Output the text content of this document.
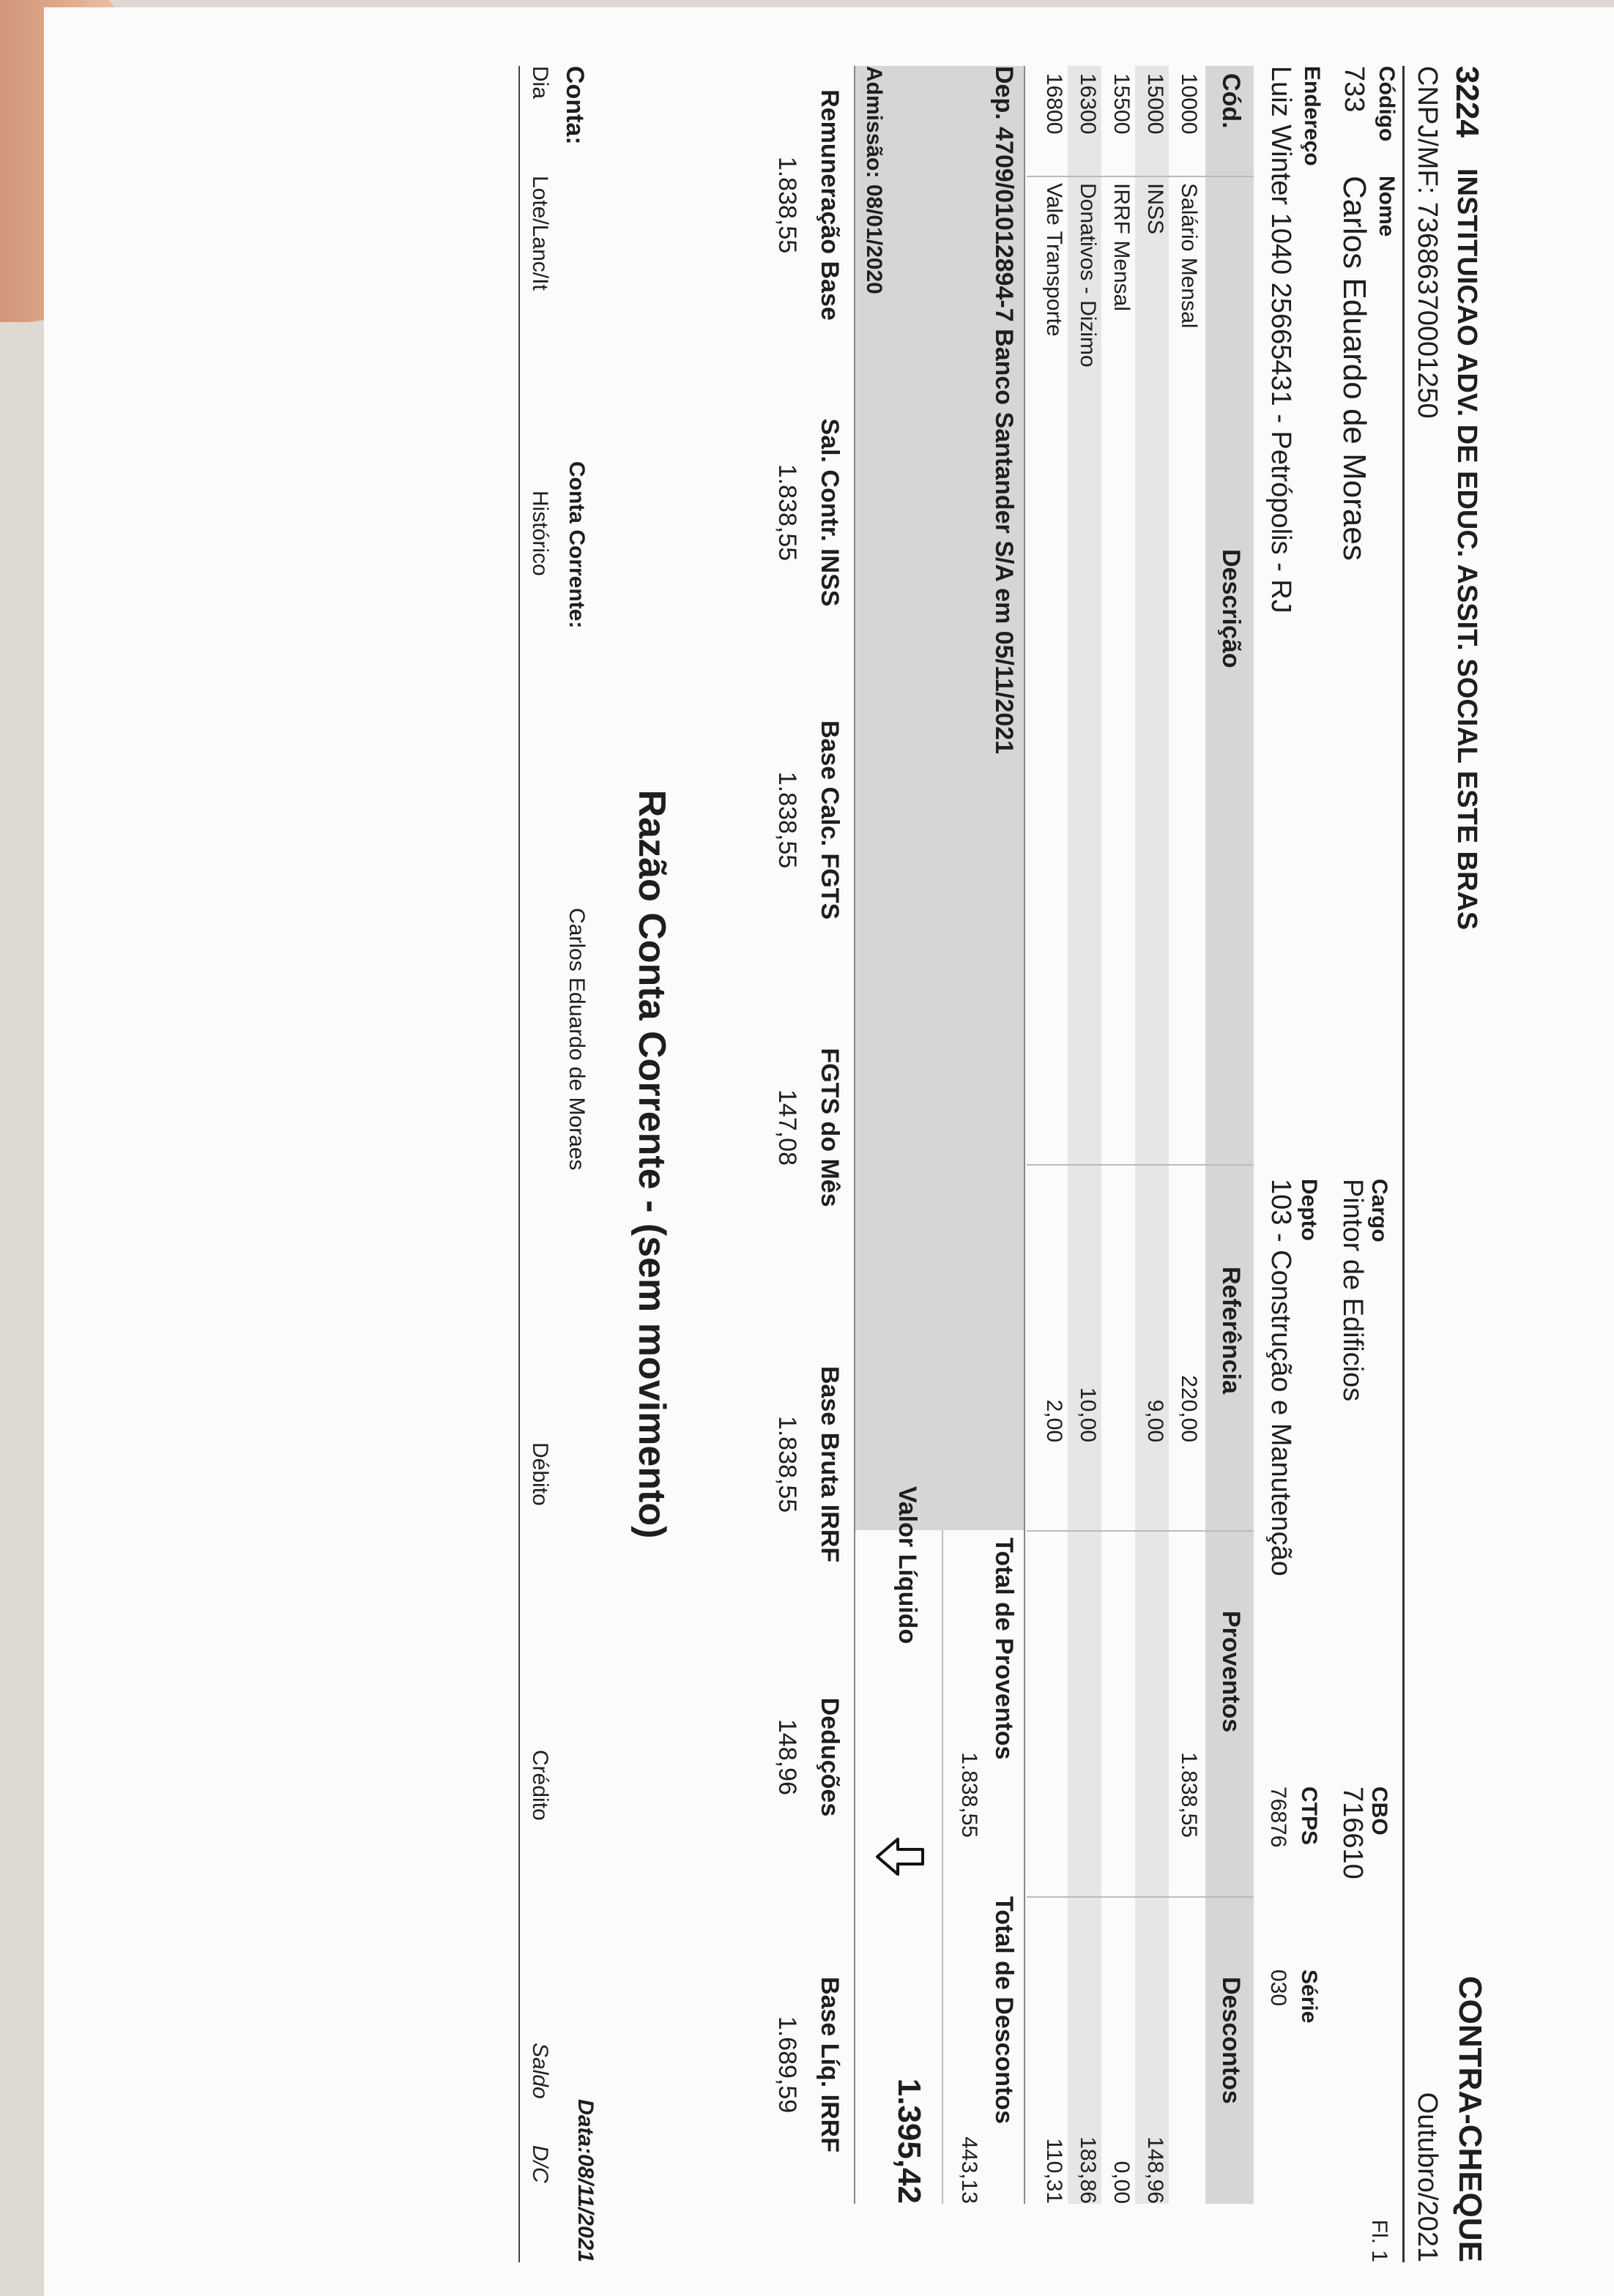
3224
INSTITUICAO ADV. DE EDUC. ASSIT. SOCIAL ESTE BRAS
CONTRA-CHEQUE
CNPJ/MF: 73686370001250
Outubro/2021
Código
Nome
Cargo
CBO
Fl. 1
733
Carlos Eduardo de Moraes
Pintor de Edificios
716610
Endereço
Depto
CTPS
Série
Luiz Winter 1040 25665431 - Petrópolis - RJ
103 - Construção e Manutenção
76876
030
Cód.
Descrição
Referência
Proventos
Descontos
10000
Salário Mensal
220,00
1.838,55
15000
INSS
9,00
148,96
15500
IRRF Mensal
0,00
16300
Donativos - Dizimo
10,00
183,86
16800
Vale Transporte
2,00
110,31
Dep. 4709/01012894-7 Banco Santander S/A em 05/11/2021
Total de Proventos
Total de Descontos
1.838,55
443,13
Valor Líquido
1.395,42
Admissão: 08/01/2020
Remuneração Base
Sal. Contr. INSS
Base Calc. FGTS
FGTS do Mês
Base Bruta IRRF
Deduções
Base Líq. IRRF
1.838,55
1.838,55
1.838,55
147,08
1.838,55
148,96
1.689,59
Razão Conta Corrente - (sem movimento)
Conta:
Conta Corrente:
Carlos Eduardo de Moraes
Data:08/11/2021
Dia
Lote/Lanc/It
Histórico
Débito
Crédito
Saldo
D/C
